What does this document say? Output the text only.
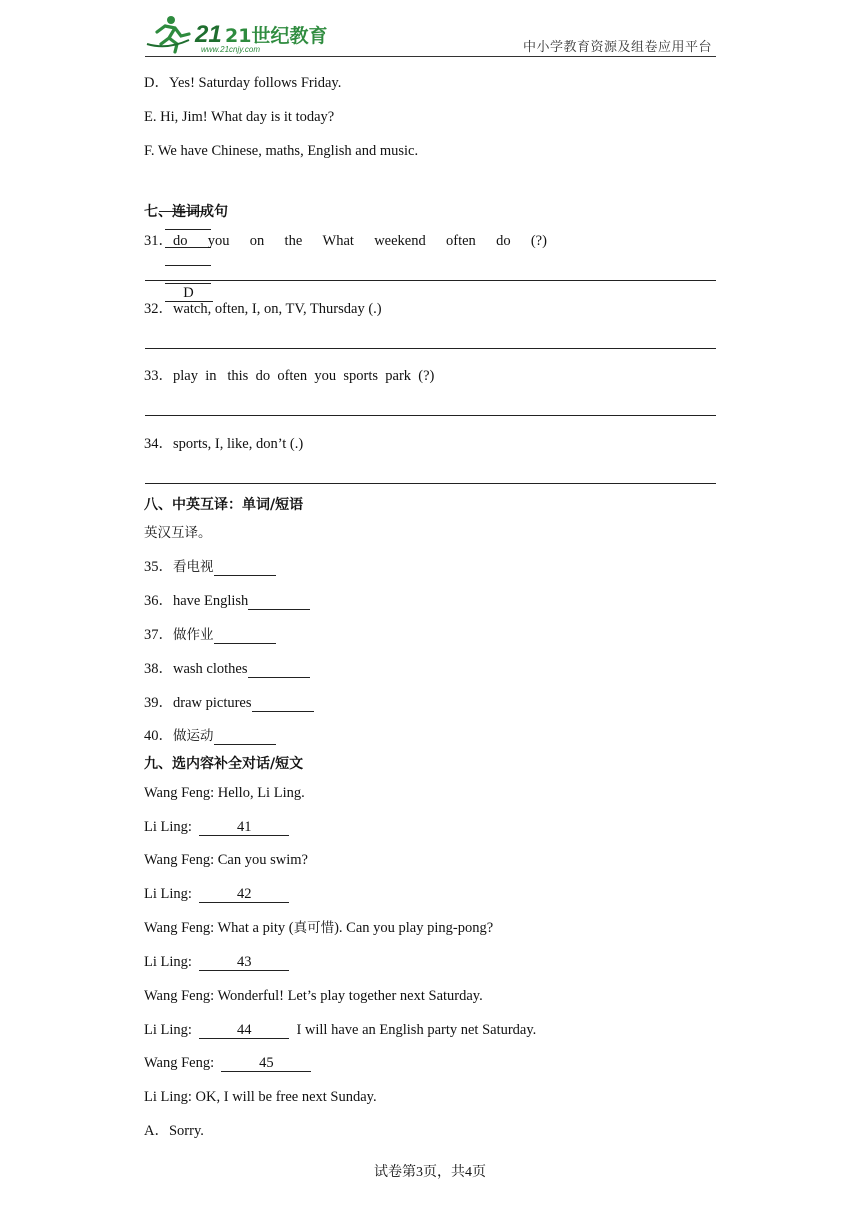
21 21世纪教育
www.21cnjy.com	中小学教育资源及组卷应用平台
D．Yes! Saturday follows Friday.
E. Hi, Jim! What day is it today?
F. We have Chinese, maths, English and music.

D

七、连词成句
31． do you on the What weekend often do (?)
32．watch, often, I, on, TV, Thursday (.)
33．play  in   this  do  often  you  sports  park  (?)
34．sports, I, like, don’t (.)
八、中英互译：单词/短语
英汉互译。
35．看电视
36．have English
37．做作业
38．wash clothes
39．draw pictures
40．做运动
九、选内容补全对话/短文
Wang Feng: Hello, Li Ling.
Li Ling:	41
Wang Feng: Can you swim?
Li Ling:	42
Wang Feng: What a pity (真可惜). Can you play ping-pong?
Li Ling:	43
Wang Feng: Wonderful! Let’s play together next Saturday.
Li Ling:	44	I will have an English party net Saturday.
Wang Feng:	45
Li Ling: OK, I will be free next Sunday.
A．Sorry.
试卷第3页，共4页
